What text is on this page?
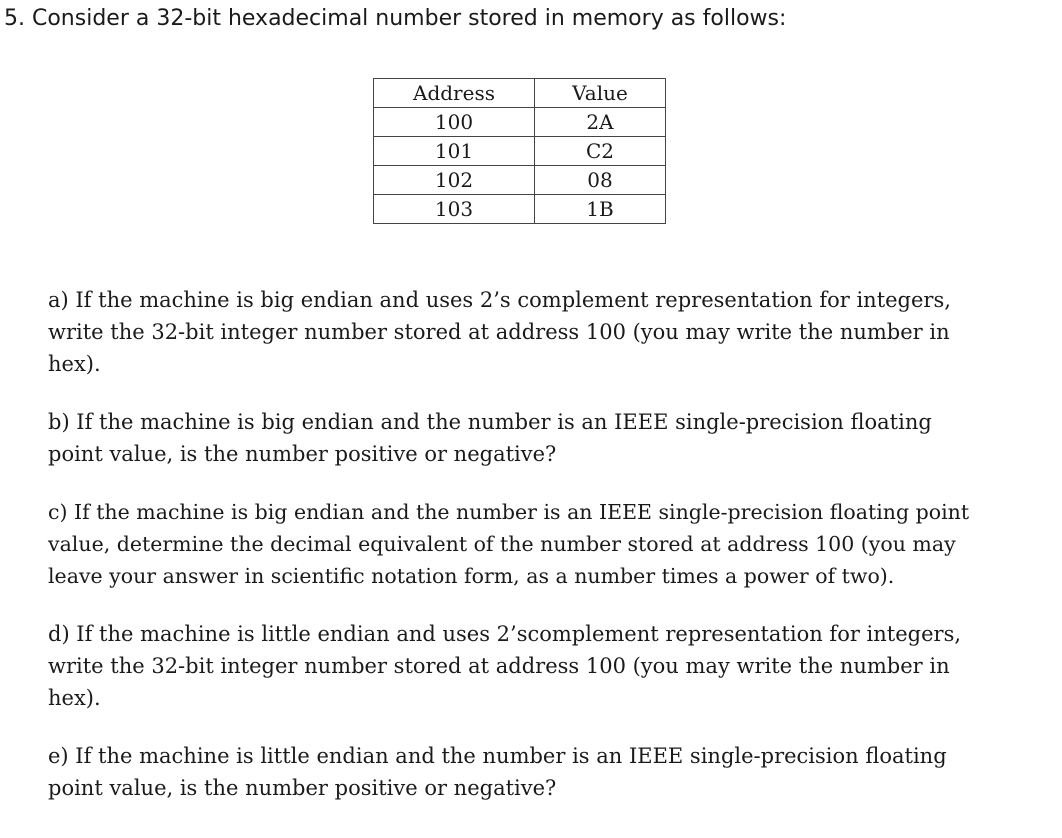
5. Consider a 32-bit hexadecimal number stored in memory as follows:
Address	Value
100	2A
101	C2
102	08
103	1B

a) If the machine is big endian and uses 2’s complement representation for integers,
write the 32-bit integer number stored at address 100 (you may write the number in
hex).

b) If the machine is big endian and the number is an IEEE single-precision floating
point value, is the number positive or negative?

c) If the machine is big endian and the number is an IEEE single-precision floating point
value, determine the decimal equivalent of the number stored at address 100 (you may
leave your answer in scientific notation form, as a number times a power of two).

d) If the machine is little endian and uses 2’scomplement representation for integers,
write the 32-bit integer number stored at address 100 (you may write the number in
hex).

e) If the machine is little endian and the number is an IEEE single-precision floating
point value, is the number positive or negative?
